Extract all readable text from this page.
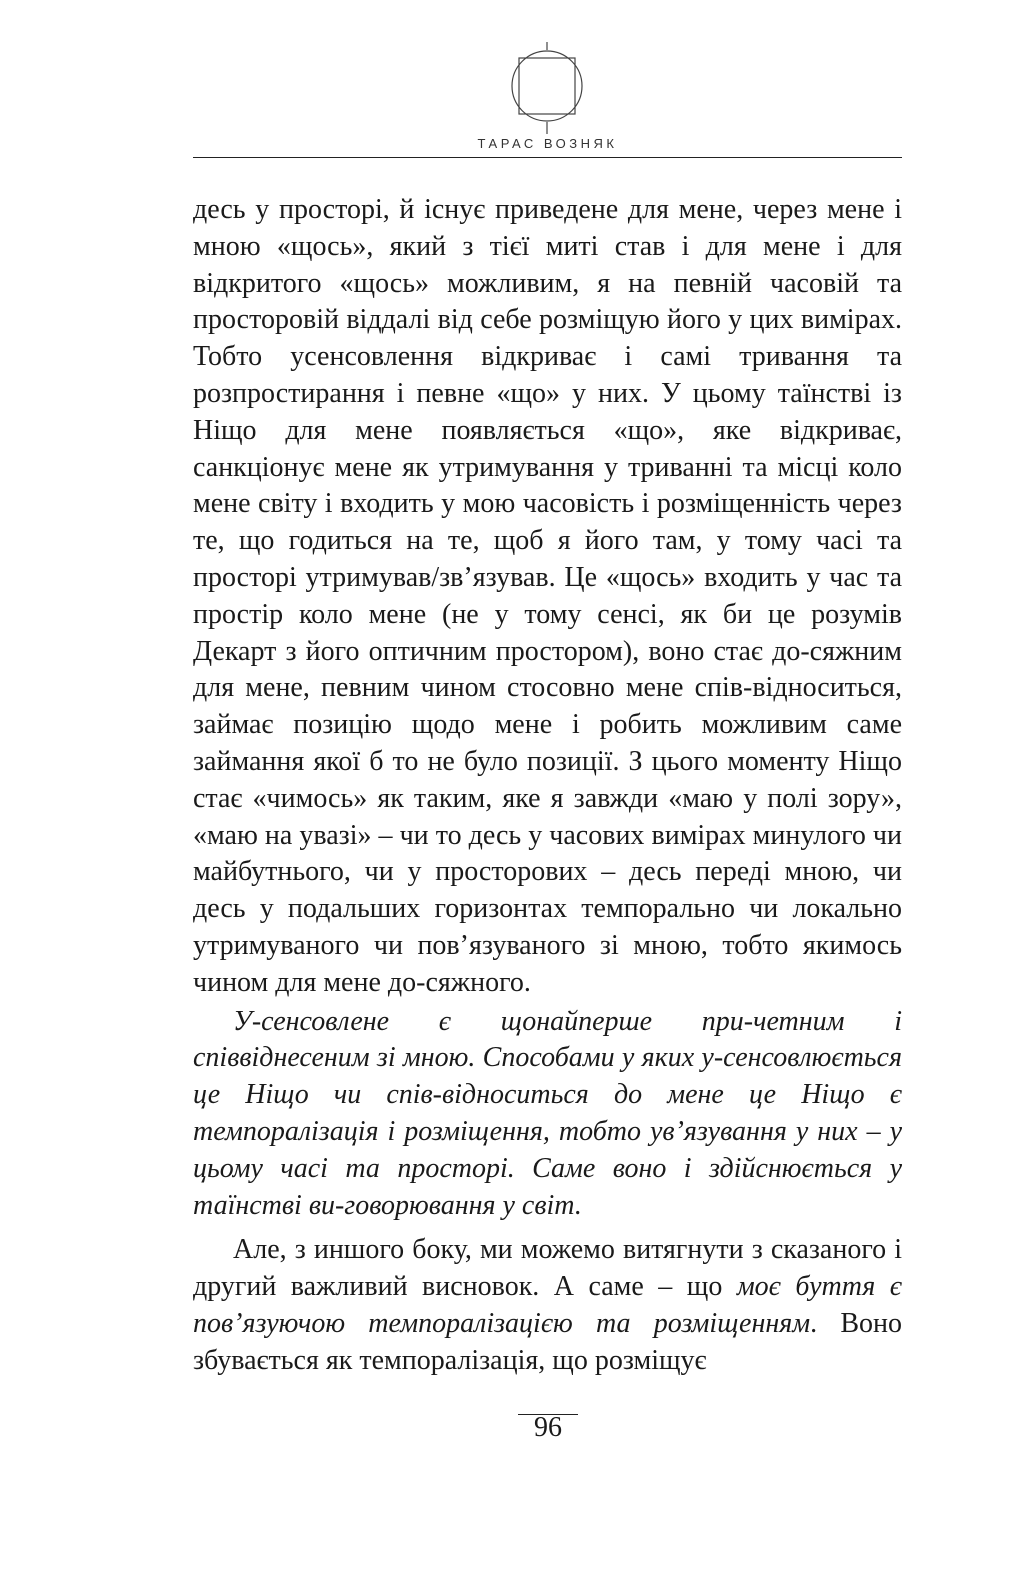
ТАРАС ВОЗНЯК

десь у просторі, й існує приведене для мене, через мене і мною «щось», який з тієї миті став і для мене і для відкритого «щось» можливим, я на певній часовій та просторовій віддалі від себе розміщую його у цих вимірах. Тобто усенсовлення відкриває і самі тривання та розпростирання і певне «що» у них. У цьому таїнстві із Ніщо для мене появляється «що», яке відкриває, санкціонує мене як утримування у триванні та місці коло мене світу і входить у мою часовість і розміщенність через те, що годиться на те, щоб я його там, у тому часі та просторі утримував/зв’язував. Це «щось» входить у час та простір коло мене (не у тому сенсі, як би це розумів Декарт з його оптичним простором), воно стає до-сяжним для мене, певним чином стосовно мене спів-відноситься, займає позицію щодо мене і робить можливим саме займання якої б то не було позиції. З цього моменту Ніщо стає «чимось» як таким, яке я завжди «маю у полі зору», «маю на увазі» – чи то десь у часових вимірах минулого чи майбутнього, чи у просторових – десь переді мною, чи десь у подальших горизонтах темпорально чи локально утримуваного чи пов’язуваного зі мною, тобто якимось чином для мене до-сяжного.

У-сенсовлене є щонайперше при-четним і співвіднесеним зі мною. Способами у яких у-сенсовлюється це Ніщо чи спів-відноситься до мене це Ніщо є темпоралізація і розміщення, тобто ув’язування у них – у цьому часі та просторі. Саме воно і здійснюється у таїнстві ви-говорювання у світ.

Але, з иншого боку, ми можемо витягнути з сказаного і другий важливий висновок. А саме – що моє буття є пов’язуючою темпоралізацією та розміщенням. Воно збувається як темпоралізація, що розміщує

96
